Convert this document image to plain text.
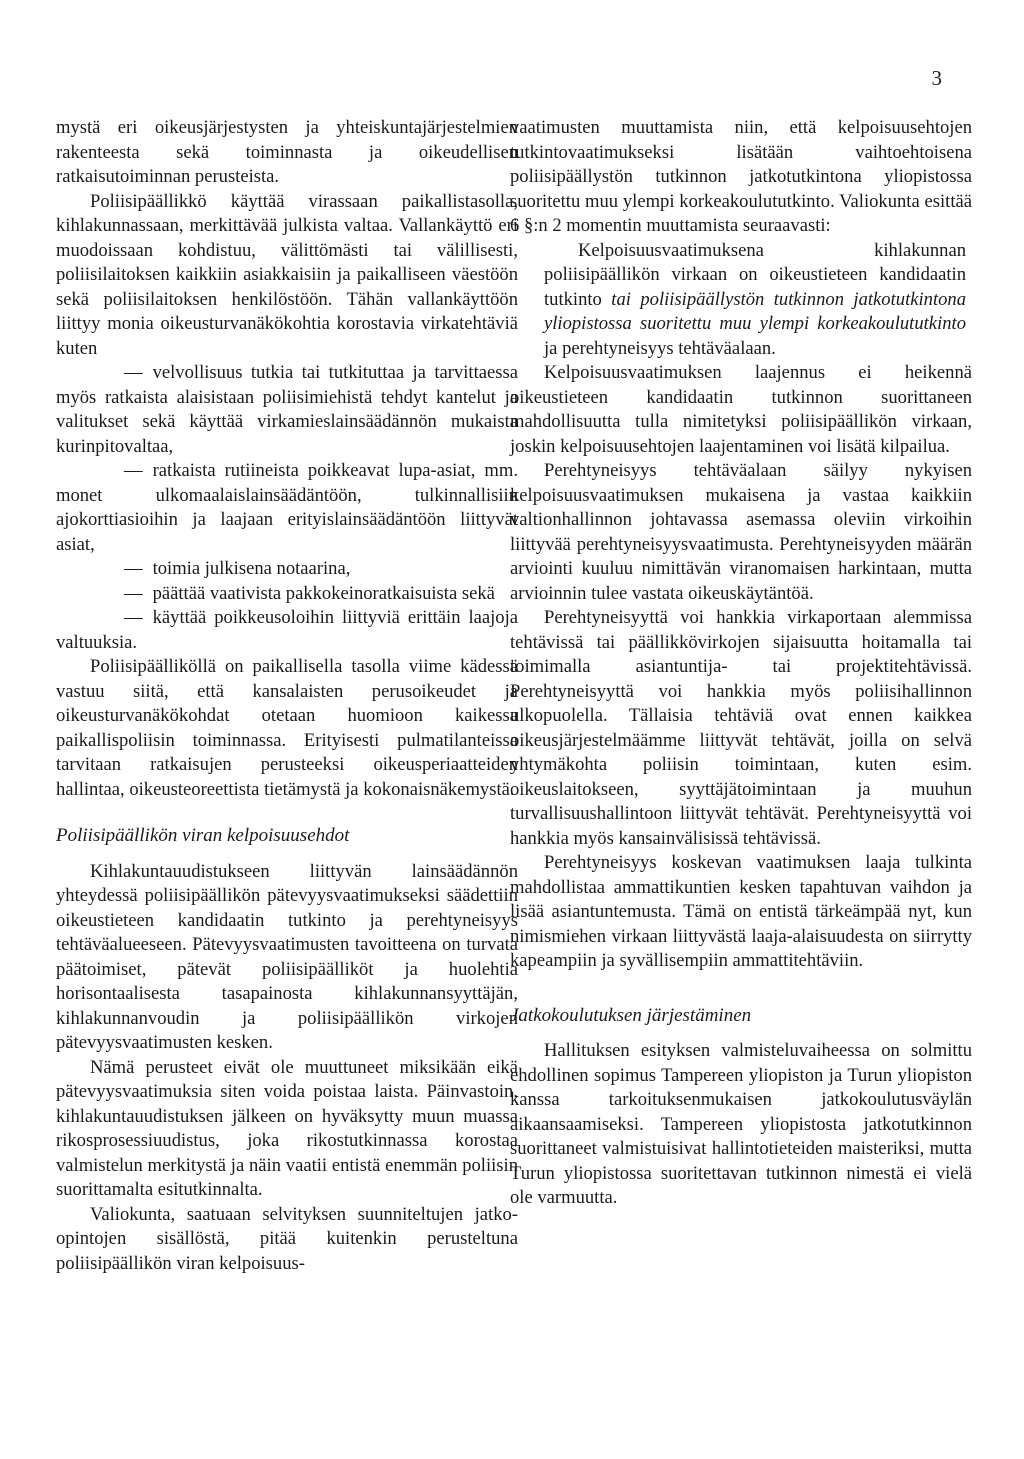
3

mystä eri oikeusjärjestysten ja yhteiskuntajärjestelmien rakenteesta sekä toiminnasta ja oikeudellisen ratkaisutoiminnan perusteista.

Poliisipäällikkö käyttää virassaan paikallistasolla, kihlakunnassaan, merkittävää julkista valtaa. Vallankäyttö eri muodoissaan kohdistuu, välittömästi tai välillisesti, poliisilaitoksen kaikkiin asiakkaisiin ja paikalliseen väestöön sekä poliisilaitoksen henkilöstöön. Tähän vallankäyttöön liittyy monia oikeusturvanäkökohtia korostavia virkatehtäviä kuten

— velvollisuus tutkia tai tutkituttaa ja tarvittaessa myös ratkaista alaisistaan poliisimiehistä tehdyt kantelut ja valitukset sekä käyttää virkamieslainsäädännön mukaista kurinpitovaltaa,
— ratkaista rutiineista poikkeavat lupa-asiat, mm. monet ulkomaalaislainsäädäntöön, tulkinnallisiin ajokorttiasioihin ja laajaan erityislainsäädäntöön liittyvät asiat,
— toimia julkisena notaarina,
— päättää vaativista pakkokeinoratkaisuista sekä
— käyttää poikkeusoloihin liittyviä erittäin laajoja valtuuksia.

Poliisipäälliköllä on paikallisella tasolla viime kädessä vastuu siitä, että kansalaisten perusoikeudet ja oikeusturvanäkökohdat otetaan huomioon kaikessa paikallispoliisin toiminnassa. Erityisesti pulmatilanteissa tarvitaan ratkaisujen perusteeksi oikeusperiaatteiden hallintaa, oikeusteoreettista tietämystä ja kokonaisnäkemystä.

Poliisipäällikön viran kelpoisuusehdot

Kihlakuntauudistukseen liittyvän lainsäädännön yhteydessä poliisipäällikön pätevyysvaatimukseksi säädettiin oikeustieteen kandidaatin tutkinto ja perehtyneisyys tehtäväalueeseen. Pätevyysvaatimusten tavoitteena on turvata päätoimiset, pätevät poliisipäälliköt ja huolehtia horisontaalisesta tasapainosta kihlakunnansyyttäjän, kihlakunnanvoudin ja poliisipäällikön virkojen pätevyysvaatimusten kesken.

Nämä perusteet eivät ole muuttuneet miksikään eikä pätevyysvaatimuksia siten voida poistaa laista. Päinvastoin, kihlakuntauudistuksen jälkeen on hyväksytty muun muassa rikosprosessiuudistus, joka rikostutkinnassa korostaa valmistelun merkitystä ja näin vaatii entistä enemmän poliisin suorittamalta esitutkinnalta.

Valiokunta, saatuaan selvityksen suunniteltujen jatko-opintojen sisällöstä, pitää kuitenkin perusteltuna poliisipäällikön viran kelpoisuus-

vaatimusten muuttamista niin, että kelpoisuusehtojen tutkintovaatimukseksi lisätään vaihtoehtoisena poliisipäällystön tutkinnon jatkotutkintona yliopistossa suoritettu muu ylempi korkeakoulututkinto. Valiokunta esittää 6 §:n 2 momentin muuttamista seuraavasti:

Kelpoisuusvaatimuksena kihlakunnan poliisipäällikön virkaan on oikeustieteen kandidaatin tutkinto tai poliisipäällystön tutkinnon jatkotutkintona yliopistossa suoritettu muu ylempi korkeakoulututkinto ja perehtyneisyys tehtäväalaan.

Kelpoisuusvaatimuksen laajennus ei heikennä oikeustieteen kandidaatin tutkinnon suorittaneen mahdollisuutta tulla nimitetyksi poliisipäällikön virkaan, joskin kelpoisuusehtojen laajentaminen voi lisätä kilpailua.

Perehtyneisyys tehtäväalaan säilyy nykyisen kelpoisuusvaatimuksen mukaisena ja vastaa kaikkiin valtionhallinnon johtavassa asemassa oleviin virkoihin liittyvää perehtyneisyysvaatimusta. Perehtyneisyyden määrän arviointi kuuluu nimittävän viranomaisen harkintaan, mutta arvioinnin tulee vastata oikeuskäytäntöä.

Perehtyneisyyttä voi hankkia virkaportaan alemmissa tehtävissä tai päällikkövirkojen sijaisuutta hoitamalla tai toimimalla asiantuntija- tai projektitehtävissä. Perehtyneisyyttä voi hankkia myös poliisihallinnon ulkopuolella. Tällaisia tehtäviä ovat ennen kaikkea oikeusjärjestelmäämme liittyvät tehtävät, joilla on selvä yhtymäkohta poliisin toimintaan, kuten esim. oikeuslaitokseen, syyttäjätoimintaan ja muuhun turvallisuushallintoon liittyvät tehtävät. Perehtyneisyyttä voi hankkia myös kansainvälisissä tehtävissä.

Perehtyneisyys koskevan vaatimuksen laaja tulkinta mahdollistaa ammattikuntien kesken tapahtuvan vaihdon ja lisää asiantuntemusta. Tämä on entistä tärkeämpää nyt, kun nimismiehen virkaan liittyvästä laaja-alaisuudesta on siirrytty kapeampiin ja syvällisempiin ammattitehtäviin.

Jatkokoulutuksen järjestäminen

Hallituksen esityksen valmisteluvaiheessa on solmittu ehdollinen sopimus Tampereen yliopiston ja Turun yliopiston kanssa tarkoituksenmukaisen jatkokoulutusväylän aikaansaamiseksi. Tampereen yliopistosta jatkotutkinnon suorittaneet valmistuisivat hallintotieteiden maisteriksi, mutta Turun yliopistossa suoritettavan tutkinnon nimestä ei vielä ole varmuutta.
